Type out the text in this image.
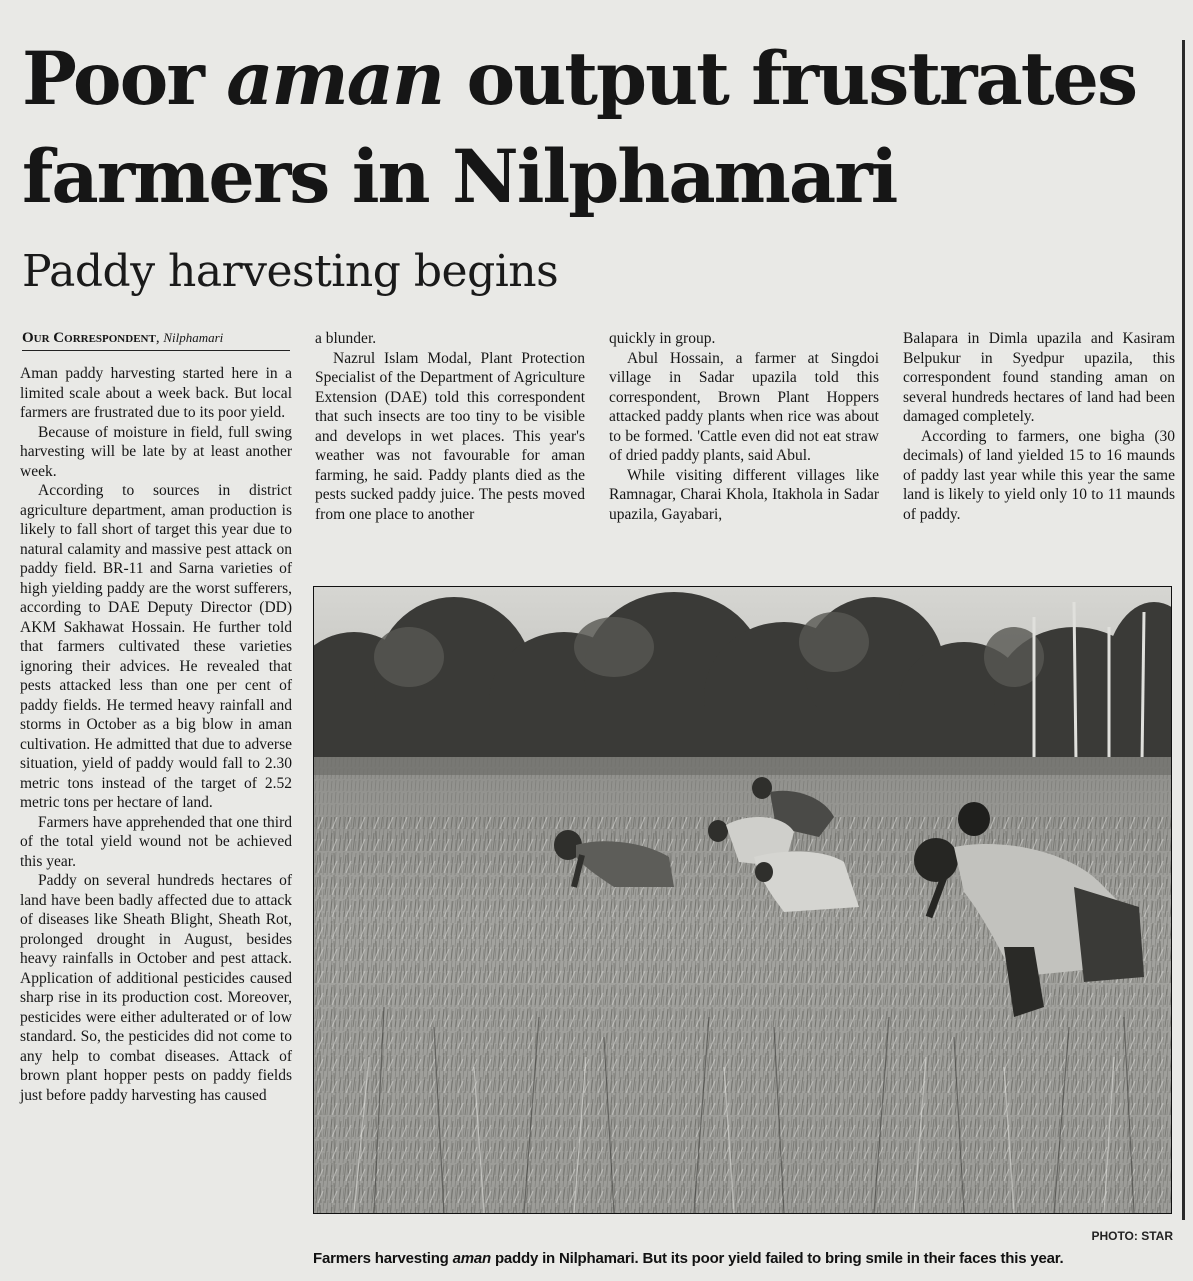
Poor aman output frustrates
farmers in Nilphamari
Paddy harvesting begins
Our Correspondent, Nilphamari

Aman paddy harvesting started here in a limited scale about a week back. But local farmers are frustrated due to its poor yield.

Because of moisture in field, full swing harvesting will be late by at least another week.

According to sources in district agriculture department, aman production is likely to fall short of target this year due to natural calamity and massive pest attack on paddy field. BR-11 and Sarna varieties of high yielding paddy are the worst sufferers, according to DAE Deputy Director (DD) AKM Sakhawat Hossain. He further told that farmers cultivated these varieties ignoring their advices. He revealed that pests attacked less than one per cent of paddy fields. He termed heavy rainfall and storms in October as a big blow in aman cultivation. He admitted that due to adverse situation, yield of paddy would fall to 2.30 metric tons instead of the target of 2.52 metric tons per hectare of land.

Farmers have apprehended that one third of the total yield wound not be achieved this year.

Paddy on several hundreds hectares of land have been badly affected due to attack of diseases like Sheath Blight, Sheath Rot, prolonged drought in August, besides heavy rainfalls in October and pest attack. Application of additional pesticides caused sharp rise in its production cost. Moreover, pesticides were either adulterated or of low standard. So, the pesticides did not come to any help to combat diseases. Attack of brown plant hopper pests on paddy fields just before paddy harvesting has caused

a blunder.

Nazrul Islam Modal, Plant Protection Specialist of the Department of Agriculture Extension (DAE) told this correspondent that such insects are too tiny to be visible and develops in wet places. This year's weather was not favourable for aman farming, he said. Paddy plants died as the pests sucked paddy juice. The pests moved from one place to another

quickly in group.

Abul Hossain, a farmer at Singdoi village in Sadar upazila told this correspondent, Brown Plant Hoppers attacked paddy plants when rice was about to be formed. 'Cattle even did not eat straw of dried paddy plants, said Abul.

While visiting different villages like Ramnagar, Charai Khola, Itakhola in Sadar upazila, Gayabari,

Balapara in Dimla upazila and Kasiram Belpukur in Syedpur upazila, this correspondent found standing aman on several hundreds hectares of land had been damaged completely.

According to farmers, one bigha (30 decimals) of land yielded 15 to 16 maunds of paddy last year while this year the same land is likely to yield only 10 to 11 maunds of paddy.

PHOTO: STAR
Farmers harvesting aman paddy in Nilphamari. But its poor yield failed to bring smile in their faces this year.
